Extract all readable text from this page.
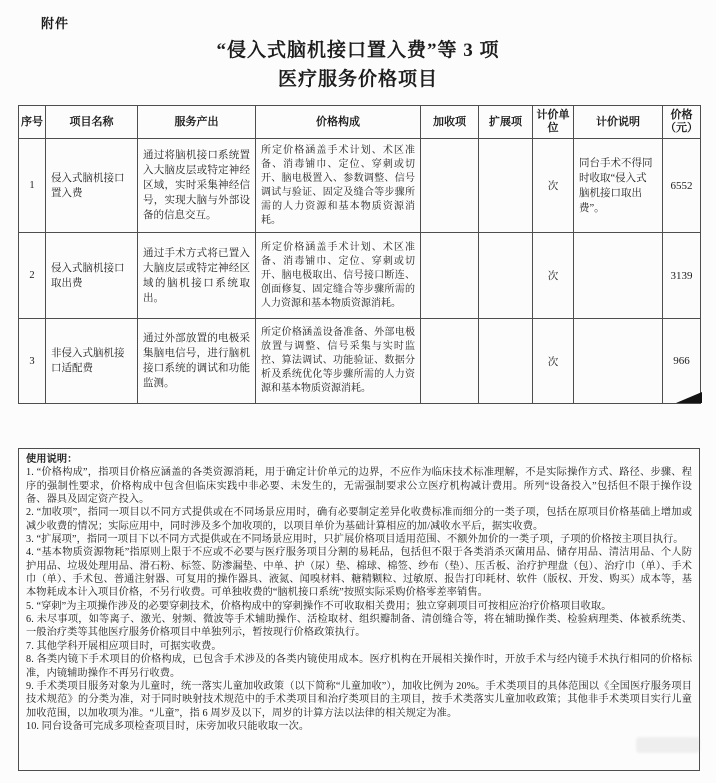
附件
“侵入式脑机接口置入费”等 3 项
医疗服务价格项目
序号	项目名称	服务产出	价格构成	加收项	扩展项	计价单位	计价说明	价格（元）
1	侵入式脑机接口置入费	通过将脑机接口系统置入大脑皮层或特定神经区域，实时采集神经信号，实现大脑与外部设备的信息交互。	所定价格涵盖手术计划、术区准备、消毒铺巾、定位、穿刺或切开、脑电极置入、参数调整、信号调试与验证、固定及缝合等步骤所需的人力资源和基本物质资源消耗。			次	同台手术不得同时收取“侵入式脑机接口取出费”。	6552
2	侵入式脑机接口取出费	通过手术方式将已置入大脑皮层或特定神经区域的脑机接口系统取出。	所定价格涵盖手术计划、术区准备、消毒铺巾、定位、穿刺或切开、脑电极取出、信号接口断连、创面修复、固定缝合等步骤所需的人力资源和基本物质资源消耗。			次		3139
3	非侵入式脑机接口适配费	通过外部放置的电极采集脑电信号，进行脑机接口系统的调试和功能监测。	所定价格涵盖设备准备、外部电极放置与调整、信号采集与实时监控、算法调试、功能验证、数据分析及系统优化等步骤所需的人力资源和基本物质资源消耗。			次		966
使用说明：
1. “价格构成”，指项目价格应涵盖的各类资源消耗，用于确定计价单元的边界，不应作为临床技术标准理解，不是实际操作方式、路径、步骤、程序的强制性要求，价格构成中包含但临床实践中非必要、未发生的，无需强制要求公立医疗机构减计费用。所列“设备投入”包括但不限于操作设备、器具及固定资产投入。
2. “加收项”，指同一项目以不同方式提供或在不同场景应用时，确有必要制定差异化收费标准而细分的一类子项，包括在原项目价格基础上增加或减少收费的情况；实际应用中，同时涉及多个加收项的，以项目单价为基础计算相应的加/减收水平后，据实收费。
3. “扩展项”，指同一项目下以不同方式提供或在不同场景应用时，只扩展价格项目适用范围、不额外加价的一类子项，子项的价格按主项目执行。
4. “基本物质资源物耗”指原则上限于不应或不必要与医疗服务项目分割的易耗品，包括但不限于各类消杀灭菌用品、储存用品、清洁用品、个人防护用品、垃圾处理用品、滑石粉、标签、防渗漏垫、中单、护（尿）垫、棉球、棉签、纱布（垫）、压舌板、治疗护理盘（包）、治疗巾（单）、手术巾（单）、手术包、普通注射器、可复用的操作器具、液氮、闻嗅材料、糖精颗粒、过敏原、报告打印耗材、软件（版权、开发、购买）成本等，基本物耗成本计入项目价格，不另行收费。可单独收费的“脑机接口系统”按照实际采购价格零差率销售。
5. “穿刺”为主项操作涉及的必要穿刺技术，价格构成中的穿刺操作不可收取相关费用；独立穿刺项目可按相应治疗价格项目收取。
6. 未尽事项，如等离子、激光、射频、微波等手术辅助操作、活检取材、组织瓣制备、清创缝合等，将在辅助操作类、检验病理类、体被系统类、一般治疗类等其他医疗服务价格项目中单独列示，暂按现行价格政策执行。
7. 其他学科开展相应项目时，可据实收费。
8. 各类内镜下手术项目的价格构成，已包含手术涉及的各类内镜使用成本。医疗机构在开展相关操作时，开放手术与经内镜手术执行相同的价格标准，内镜辅助操作不再另行收费。
9. 手术类项目服务对象为儿童时，统一落实儿童加收政策（以下简称“儿童加收”），加收比例为 20%。手术类项目的具体范围以《全国医疗服务项目技术规范》的分类为准，对于同时映射技术规范中的手术类项目和治疗类项目的主项目，按手术类落实儿童加收政策；其他非手术类项目实行儿童加收范围，以加收项为准。“儿童”，指 6 周岁及以下，周岁的计算方法以法律的相关规定为准。
10. 同台设备可完成多项检查项目时，床旁加收只能收取一次。
